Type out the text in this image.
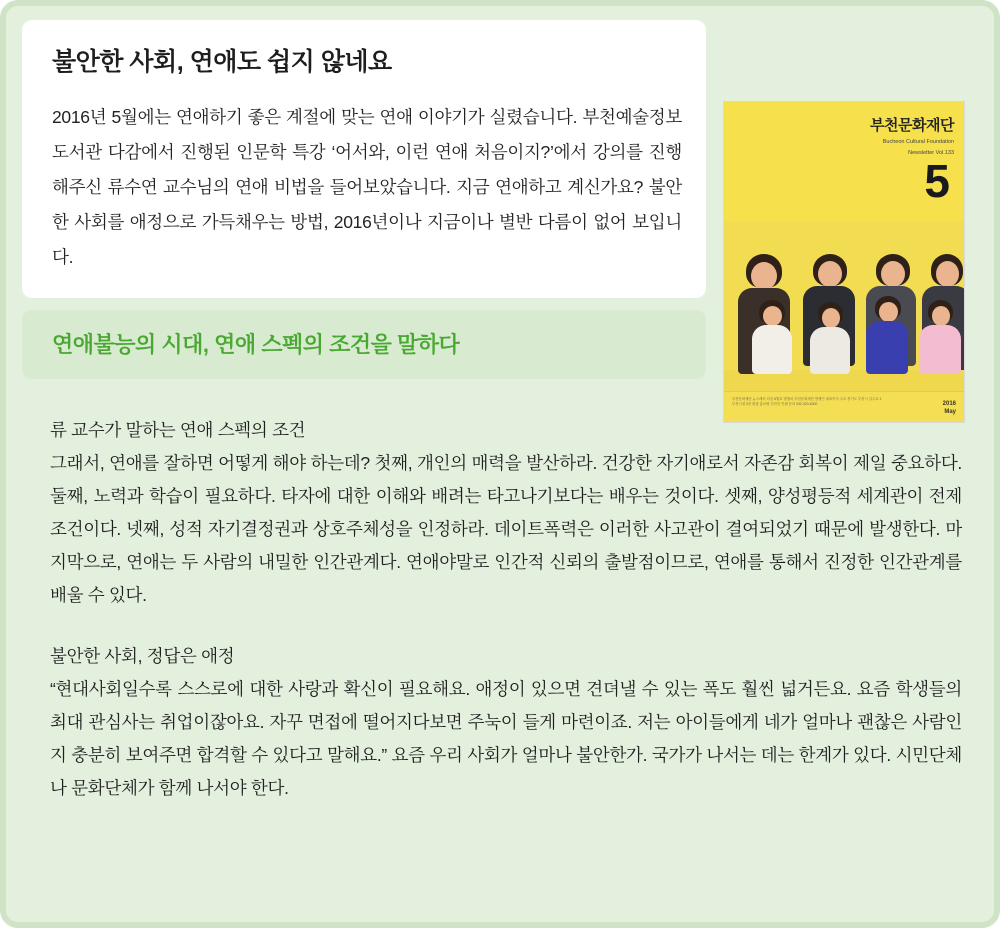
불안한 사회, 연애도 쉽지 않네요

2016년 5월에는 연애하기 좋은 계절에 맞는 연애 이야기가 실렸습니다. 부천예술정보도서관 다감에서 진행된 인문학 특강 ‘어서와, 이런 연애 처음이지?’에서 강의를 진행해주신 류수연 교수님의 연애 비법을 들어보았습니다. 지금 연애하고 계신가요? 불안한 사회를 애정으로 가득채우는 방법, 2016년이나 지금이나 별반 다름이 없어 보입니다.

부천문화재단
Bucheon Cultural Foundation
Newsletter Vol.133
5
부천문화재단 뉴스레터 다감 5월호 발행처 부천문화재단 발행인 대표이사 주소 경기도 부천시 길주로 1 부천시청 3층 편집 홍보팀 디자인 인쇄 문의 032-320-6300	2016
May
연애불능의 시대, 연애 스펙의 조건을 말하다

류 교수가 말하는 연애 스펙의 조건

그래서, 연애를 잘하면 어떻게 해야 하는데? 첫째, 개인의 매력을 발산하라. 건강한 자기애로서 자존감 회복이 제일 중요하다. 둘째, 노력과 학습이 필요하다. 타자에 대한 이해와 배려는 타고나기보다는 배우는 것이다. 셋째, 양성평등적 세계관이 전제조건이다. 넷째, 성적 자기결정권과 상호주체성을 인정하라. 데이트폭력은 이러한 사고관이 결여되었기 때문에 발생한다. 마지막으로, 연애는 두 사람의 내밀한 인간관계다. 연애야말로 인간적 신뢰의 출발점이므로, 연애를 통해서 진정한 인간관계를 배울 수 있다.

불안한 사회, 정답은 애정

“현대사회일수록 스스로에 대한 사랑과 확신이 필요해요. 애정이 있으면 견뎌낼 수 있는 폭도 훨씬 넓거든요. 요즘 학생들의 최대 관심사는 취업이잖아요. 자꾸 면접에 떨어지다보면 주눅이 들게 마련이죠. 저는 아이들에게 네가 얼마나 괜찮은 사람인지 충분히 보여주면 합격할 수 있다고 말해요.” 요즘 우리 사회가 얼마나 불안한가. 국가가 나서는 데는 한계가 있다. 시민단체나 문화단체가 함께 나서야 한다.
